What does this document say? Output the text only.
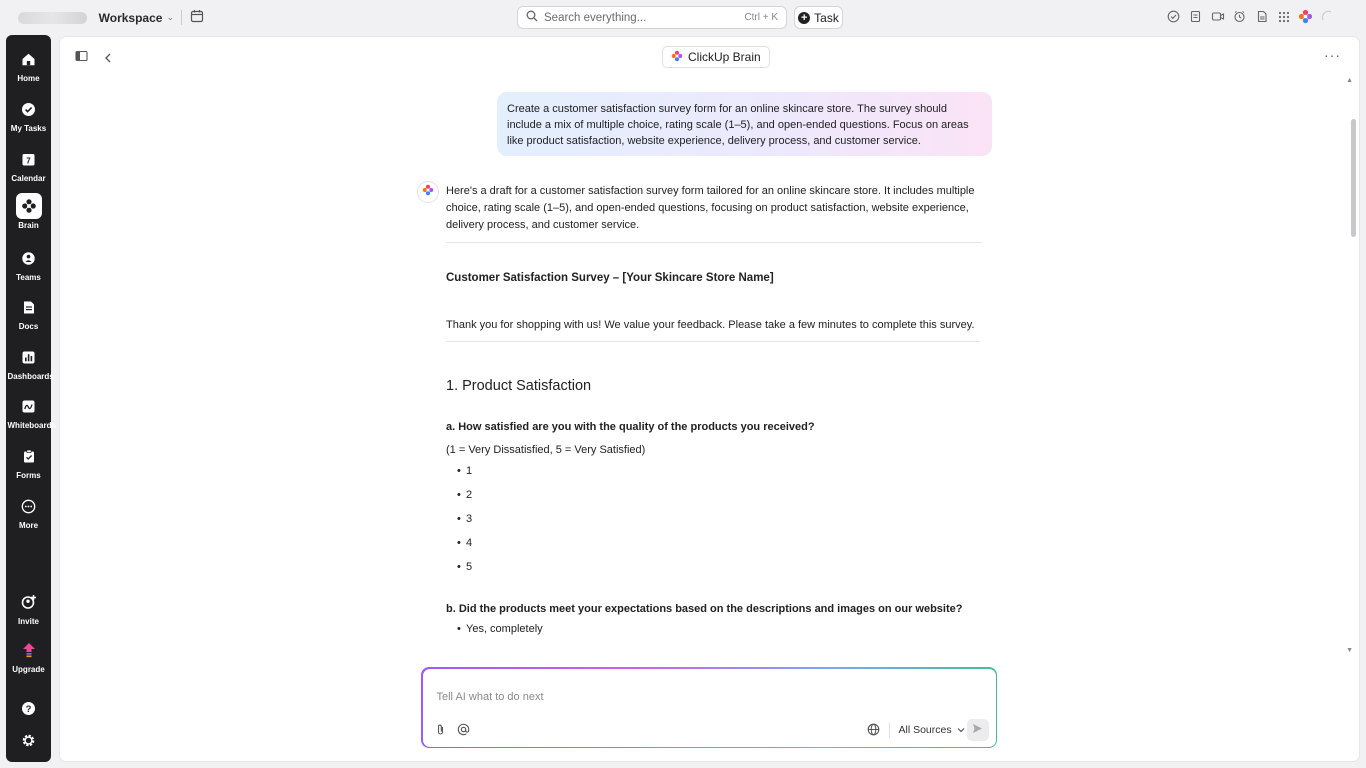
Workspace ⌄	Search everything...	Ctrl + K + Task
Home
My Tasks
7
Calendar
Brain
Teams
Docs
Dashboards
Whiteboards
Forms
More
Invite
Upgrade
?
ClickUp Brain	···
Create a customer satisfaction survey form for an online skincare store. The survey should include a mix of multiple choice, rating scale (1–5), and open-ended questions. Focus on areas like product satisfaction, website experience, delivery process, and customer service.

Here's a draft for a customer satisfaction survey form tailored for an online skincare store. It includes multiple choice, rating scale (1–5), and open-ended questions, focusing on product satisfaction, website experience, delivery process, and customer service.

Customer Satisfaction Survey – [Your Skincare Store Name]

Thank you for shopping with us! We value your feedback. Please take a few minutes to complete this survey.

1. Product Satisfaction

a. How satisfied are you with the quality of the products you received?

(1 = Very Dissatisfied, 5 = Very Satisfied)

• 1
• 2
• 3
• 4
• 5

b. Did the products meet your expectations based on the descriptions and images on our website?

• Yes, completely
▲
▼
Tell AI what to do next
All Sources
